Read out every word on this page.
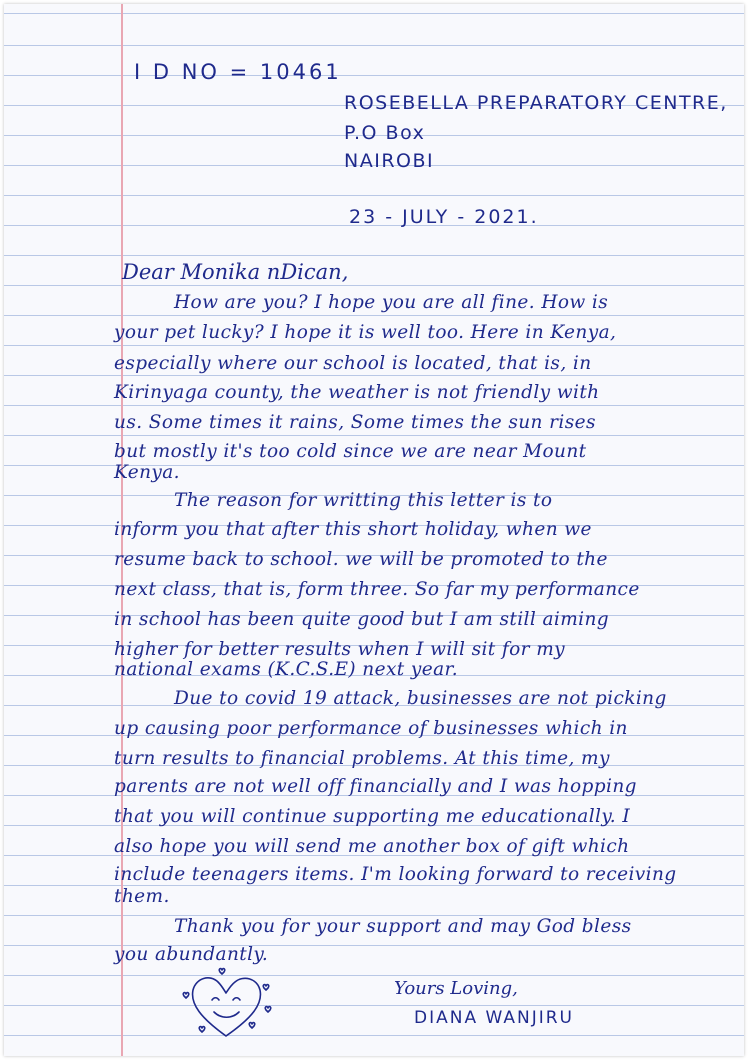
I D NO = 10461
ROSEBELLA PREPARATORY CENTRE,
P.O Box
NAIROBI
23 - JULY - 2021.
Dear Monika nDican,
How are you? I hope you are all fine. How is
your pet lucky? I hope it is well too. Here in Kenya,
especially where our school is located, that is, in
Kirinyaga county, the weather is not friendly with
us. Some times it rains, Some times the sun rises
but mostly it's too cold since we are near Mount
Kenya.
The reason for writting this letter is to
inform you that after this short holiday, when we
resume back to school. we will be promoted to the
next class, that is, form three. So far my performance
in school has been quite good but I am still aiming
higher for better results when I will sit for my
national exams (K.C.S.E) next year.
Due to covid 19 attack, businesses are not picking
up causing poor performance of businesses which in
turn results to financial problems. At this time, my
parents are not well off financially and I was hopping
that you will continue supporting me educationally. I
also hope you will send me another box of gift which
include teenagers items. I'm looking forward to receiving
them.
Thank you for your support and may God bless
you abundantly.
Yours Loving,
DIANA WANJIRU
